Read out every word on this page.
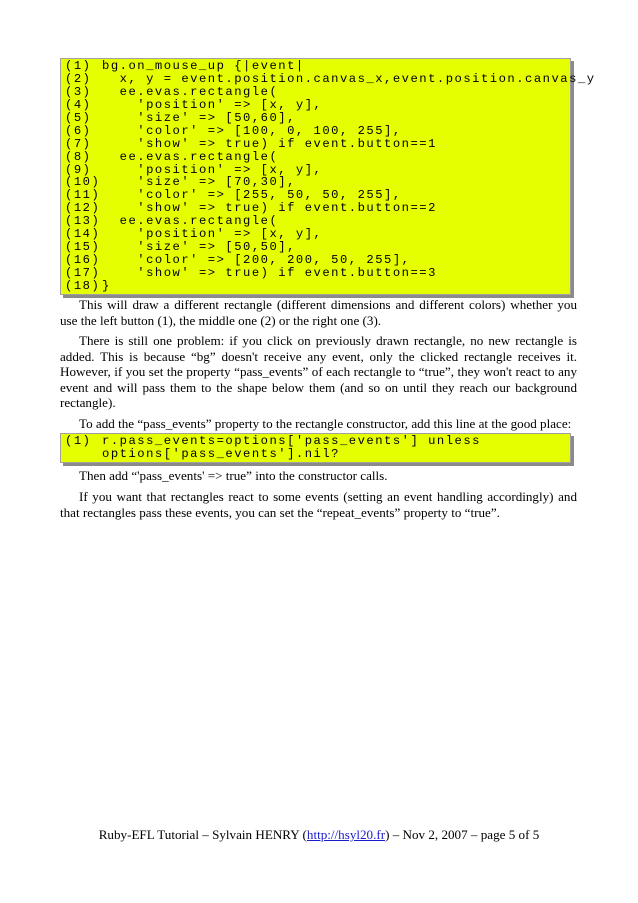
(1) bg.on_mouse_up {|event|
(2)  x, y = event.position.canvas_x,event.position.canvas_y
(3)  ee.evas.rectangle(
(4)    'position' => [x, y],
(5)    'size' => [50,60],
(6)    'color' => [100, 0, 100, 255],
(7)    'show' => true) if event.button==1
(8)  ee.evas.rectangle(
(9)    'position' => [x, y],
(10)    'size' => [70,30],
(11)    'color' => [255, 50, 50, 255],
(12)    'show' => true) if event.button==2
(13)  ee.evas.rectangle(
(14)    'position' => [x, y],
(15)    'size' => [50,50],
(16)    'color' => [200, 200, 50, 255],
(17)    'show' => true) if event.button==3
(18) }

This will draw a different rectangle (different dimensions and different colors) whether you use the left button (1), the middle one (2) or the right one (3).

There is still one problem: if you click on previously drawn rectangle, no new rectangle is added. This is because “bg” doesn't receive any event, only the clicked rectangle receives it. However, if you set the property “pass_events” of each rectangle to “true”, they won't react to any event and will pass them to the shape below them (and so on until they reach our background rectangle).

To add the “pass_events” property to the rectangle constructor, add this line at the good place:

(1) r.pass_events=options['pass_events'] unless
options['pass_events'].nil?

Then add “'pass_events' => true” into the constructor calls.

If you want that rectangles react to some events (setting an event handling accordingly) and that rectangles pass these events, you can set the “repeat_events” property to “true”.

Ruby-EFL Tutorial – Sylvain HENRY (http://hsyl20.fr) – Nov 2, 2007 – page 5 of 5
